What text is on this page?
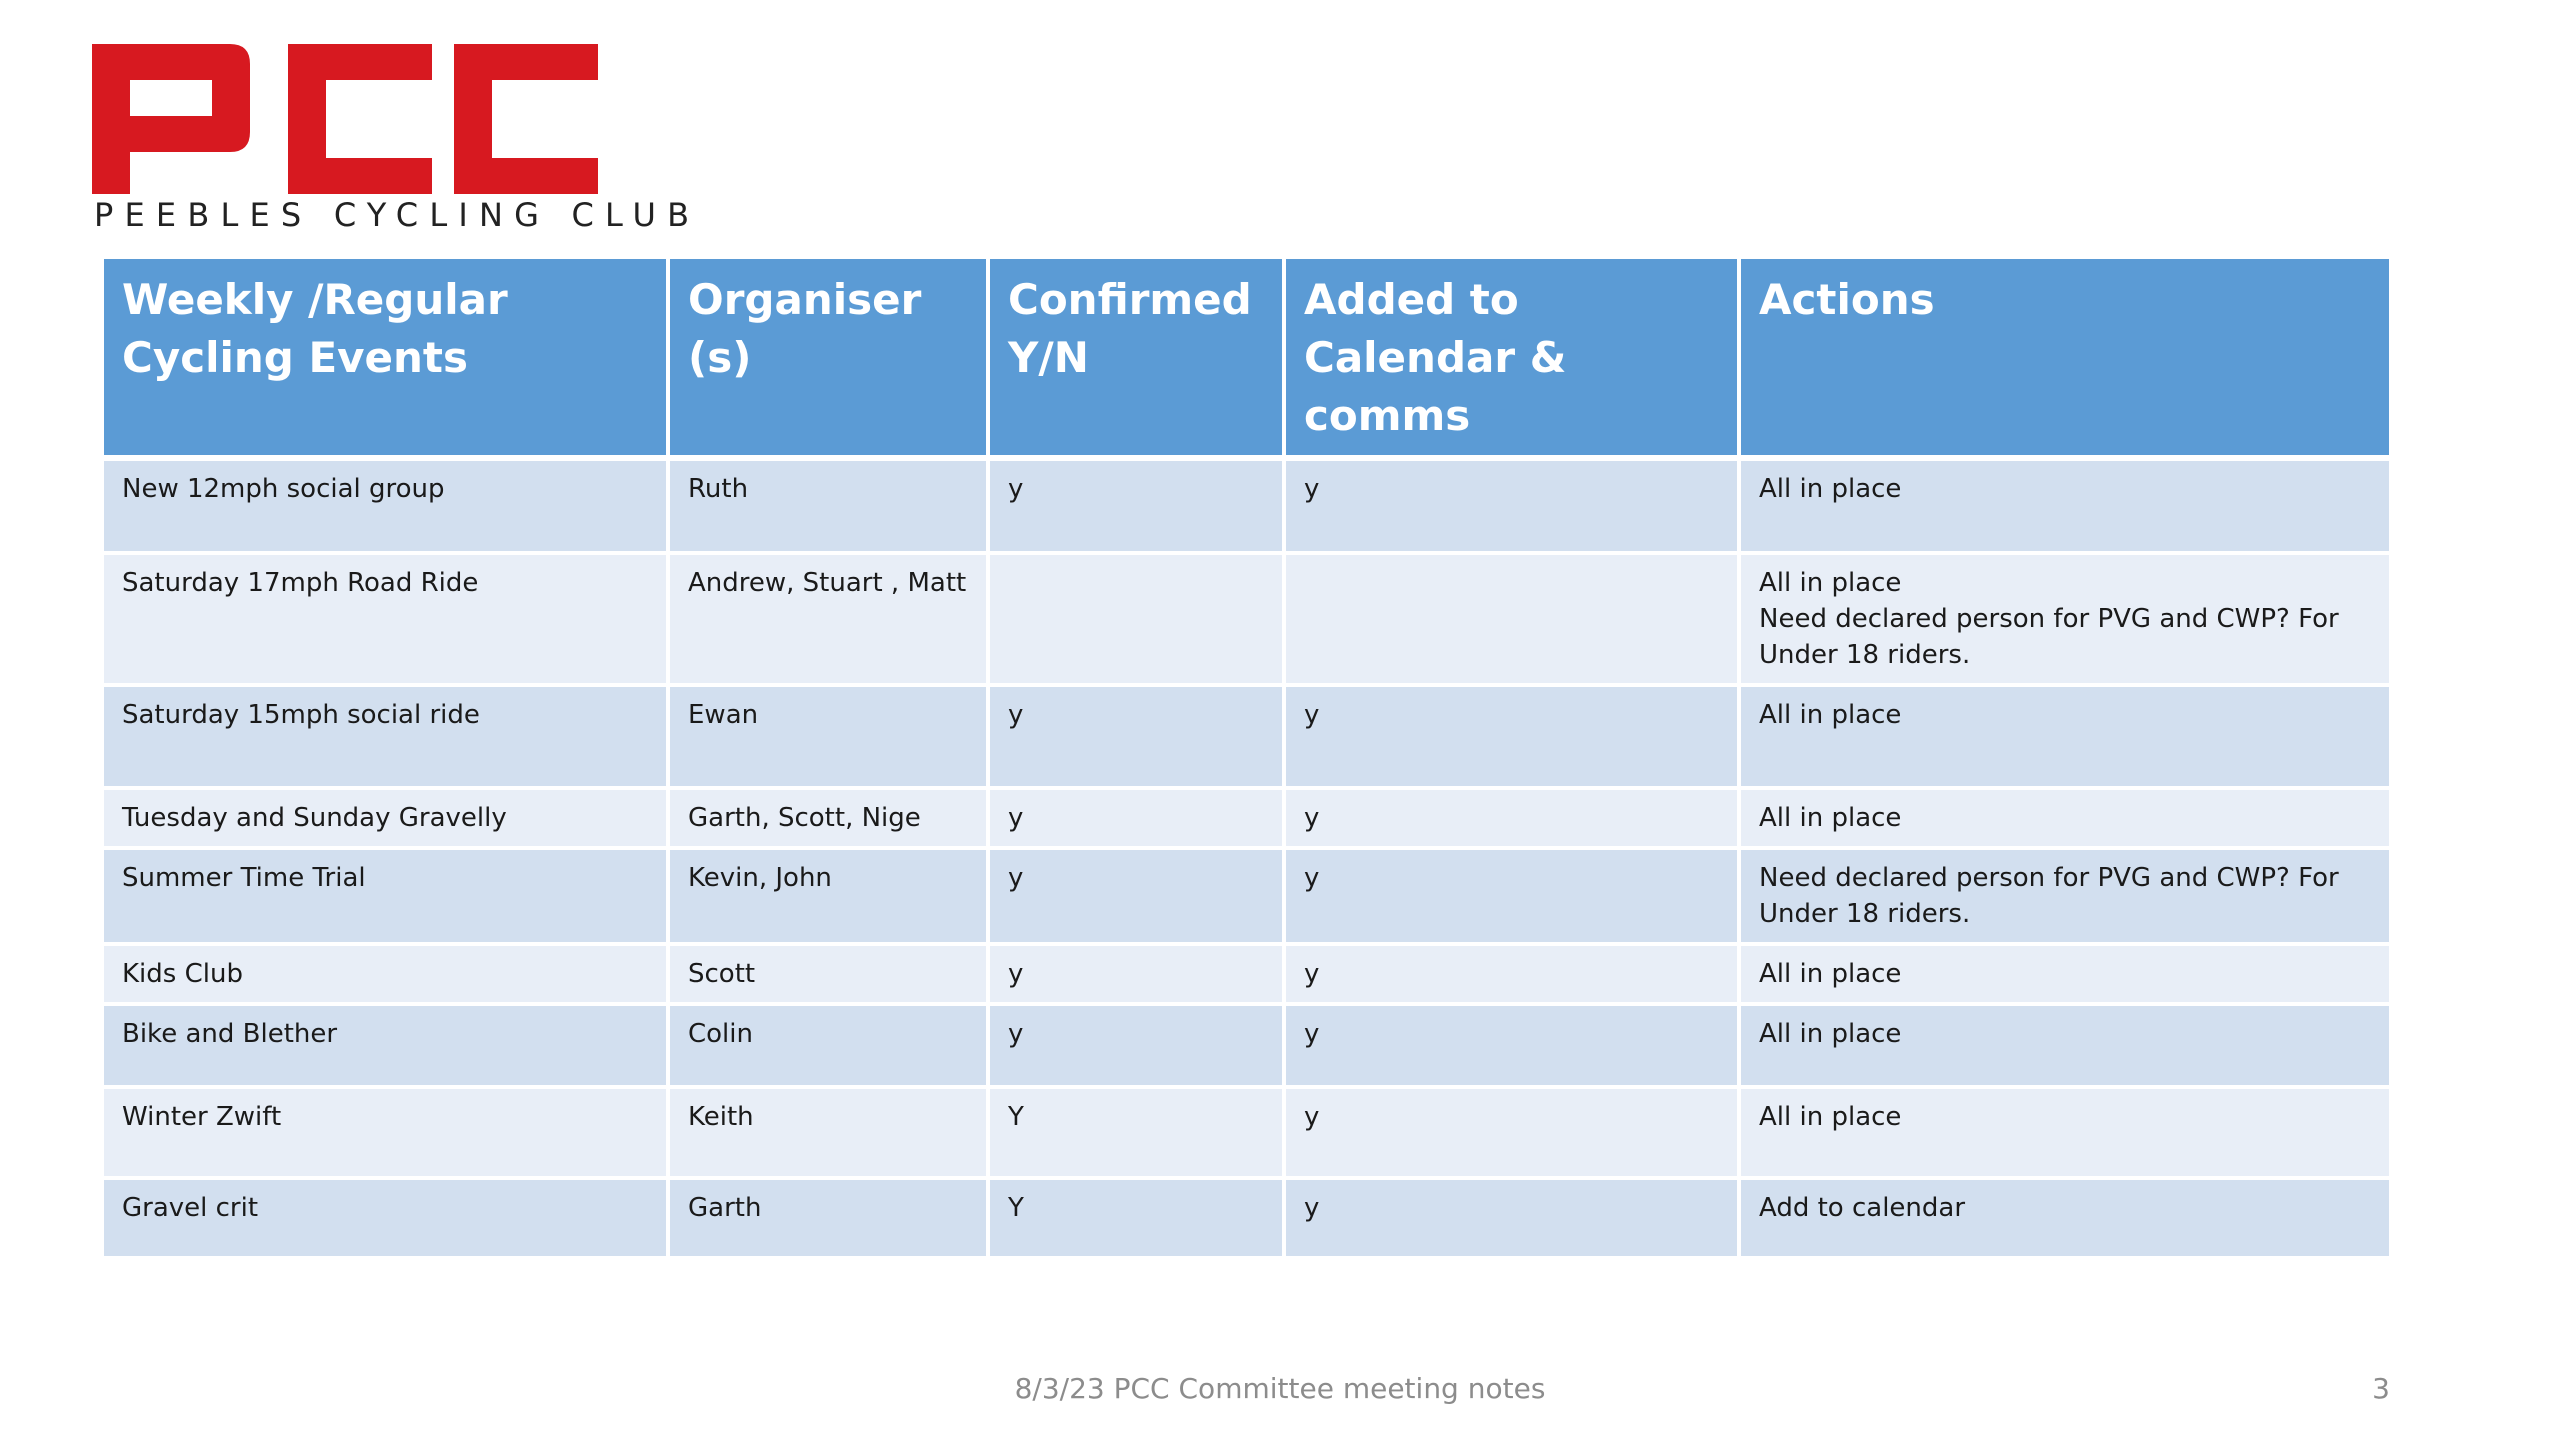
PEEBLES CYCLING CLUB
Weekly /Regular Cycling Events	Organiser (s)	Confirmed Y/N	Added to Calendar & comms	Actions
New 12mph social group	Ruth	y	y	All in place
Saturday 17mph Road Ride	Andrew, Stuart , Matt			All in place
Need declared person for PVG and CWP? For Under 18 riders.
Saturday 15mph social ride	Ewan	y	y	All in place
Tuesday and Sunday Gravelly	Garth, Scott, Nige	y	y	All in place
Summer Time Trial	Kevin, John	y	y	Need declared person for PVG and CWP? For Under 18 riders.
Kids Club	Scott	y	y	All in place
Bike and Blether	Colin	y	y	All in place
Winter Zwift	Keith	Y	y	All in place
Gravel crit	Garth	Y	y	Add to calendar
8/3/23 PCC Committee meeting notes	3
